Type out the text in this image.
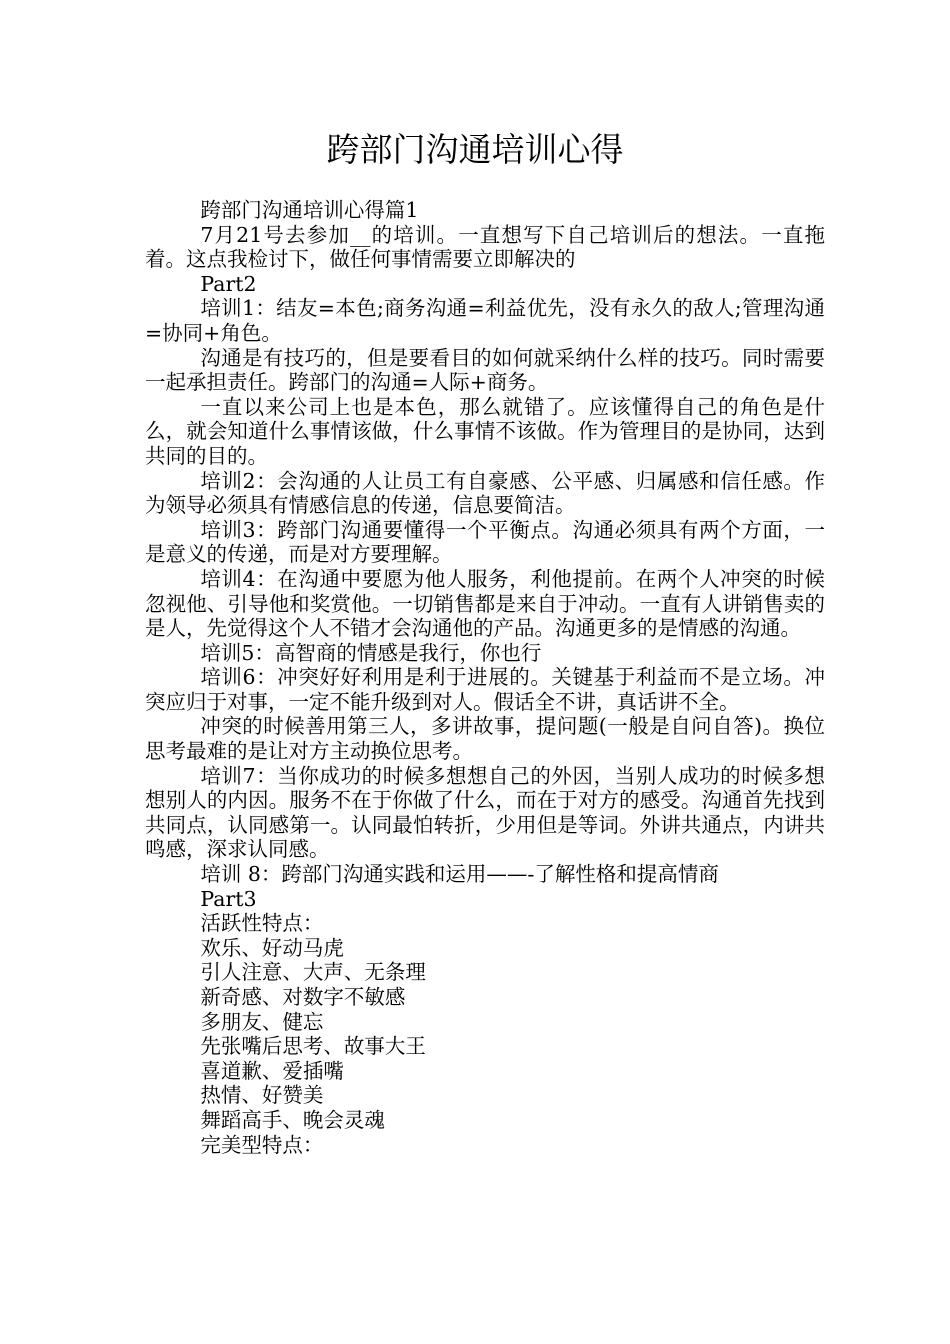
跨部门沟通培训心得

跨部门沟通培训心得篇1

7月21号去参加__的培训。一直想写下自己培训后的想法。一直拖着。这点我检讨下，做任何事情需要立即解决的

Part2

培训1：结友=本色;商务沟通=利益优先，没有永久的敌人;管理沟通=协同+角色。

沟通是有技巧的，但是要看目的如何就采纳什么样的技巧。同时需要一起承担责任。跨部门的沟通=人际+商务。

一直以来公司上也是本色，那么就错了。应该懂得自己的角色是什么，就会知道什么事情该做，什么事情不该做。作为管理目的是协同，达到共同的目的。

培训2：会沟通的人让员工有自豪感、公平感、归属感和信任感。作为领导必须具有情感信息的传递，信息要简洁。

培训3：跨部门沟通要懂得一个平衡点。沟通必须具有两个方面，一是意义的传递，而是对方要理解。

培训4：在沟通中要愿为他人服务，利他提前。在两个人冲突的时候忽视他、引导他和奖赏他。一切销售都是来自于冲动。一直有人讲销售卖的是人，先觉得这个人不错才会沟通他的产品。沟通更多的是情感的沟通。

培训5：高智商的情感是我行，你也行

培训6：冲突好好利用是利于进展的。关键基于利益而不是立场。冲突应归于对事，一定不能升级到对人。假话全不讲，真话讲不全。

冲突的时候善用第三人，多讲故事，提问题(一般是自问自答)。换位思考最难的是让对方主动换位思考。

培训7：当你成功的时候多想想自己的外因，当别人成功的时候多想想别人的内因。服务不在于你做了什么，而在于对方的感受。沟通首先找到共同点，认同感第一。认同最怕转折，少用但是等词。外讲共通点，内讲共鸣感，深求认同感。

培训 8：跨部门沟通实践和运用——-了解性格和提高情商

Part3

活跃性特点：

欢乐、好动马虎

引人注意、大声、无条理

新奇感、对数字不敏感

多朋友、健忘

先张嘴后思考、故事大王

喜道歉、爱插嘴

热情、好赞美

舞蹈高手、晚会灵魂

完美型特点：
